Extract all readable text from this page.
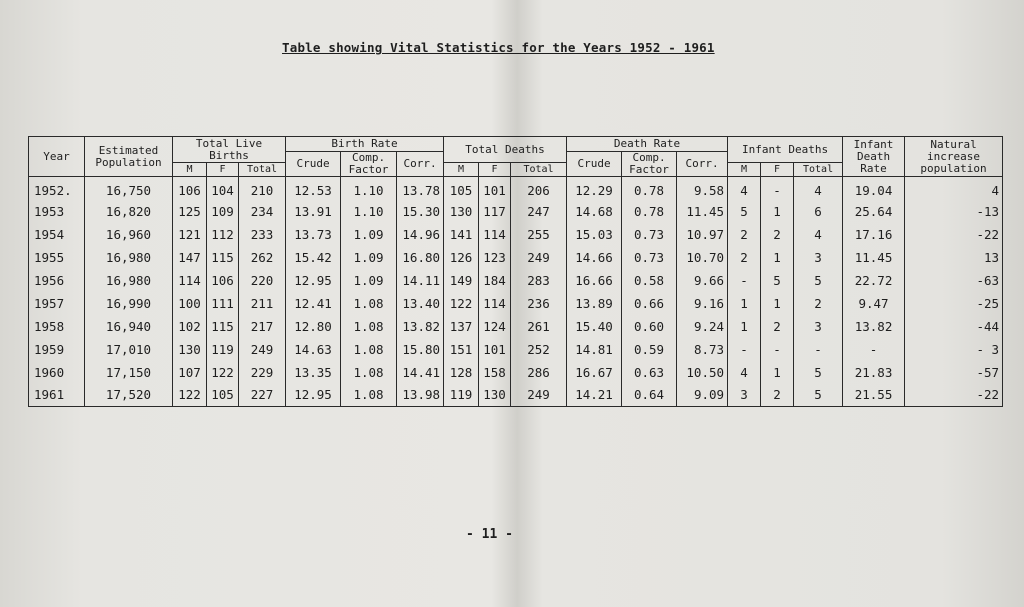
Table showing Vital Statistics for the Years 1952 - 1961
Year	Estimated Population	Total Live Births			Birth Rate			Total Deaths			Death Rate			Infant Deaths			Infant Death Rate	Natural increase population
					Crude	Comp. Factor	Corr.				Crude	Comp. Factor	Corr.					
		M	F	Total				M	F	Total				M	F	Total		
1952.	16,750	106	104	210	12.53	1.10	13.78	105	101	206	12.29	0.78	9.58	4	-	4	19.04	4
1953	16,820	125	109	234	13.91	1.10	15.30	130	117	247	14.68	0.78	11.45	5	1	6	25.64	-13
1954	16,960	121	112	233	13.73	1.09	14.96	141	114	255	15.03	0.73	10.97	2	2	4	17.16	-22
1955	16,980	147	115	262	15.42	1.09	16.80	126	123	249	14.66	0.73	10.70	2	1	3	11.45	13
1956	16,980	114	106	220	12.95	1.09	14.11	149	184	283	16.66	0.58	9.66	-	5	5	22.72	-63
1957	16,990	100	111	211	12.41	1.08	13.40	122	114	236	13.89	0.66	9.16	1	1	2	9.47	-25
1958	16,940	102	115	217	12.80	1.08	13.82	137	124	261	15.40	0.60	9.24	1	2	3	13.82	-44
1959	17,010	130	119	249	14.63	1.08	15.80	151	101	252	14.81	0.59	8.73	-	-	-	-	- 3
1960	17,150	107	122	229	13.35	1.08	14.41	128	158	286	16.67	0.63	10.50	4	1	5	21.83	-57
1961	17,520	122	105	227	12.95	1.08	13.98	119	130	249	14.21	0.64	9.09	3	2	5	21.55	-22
- 11 -
